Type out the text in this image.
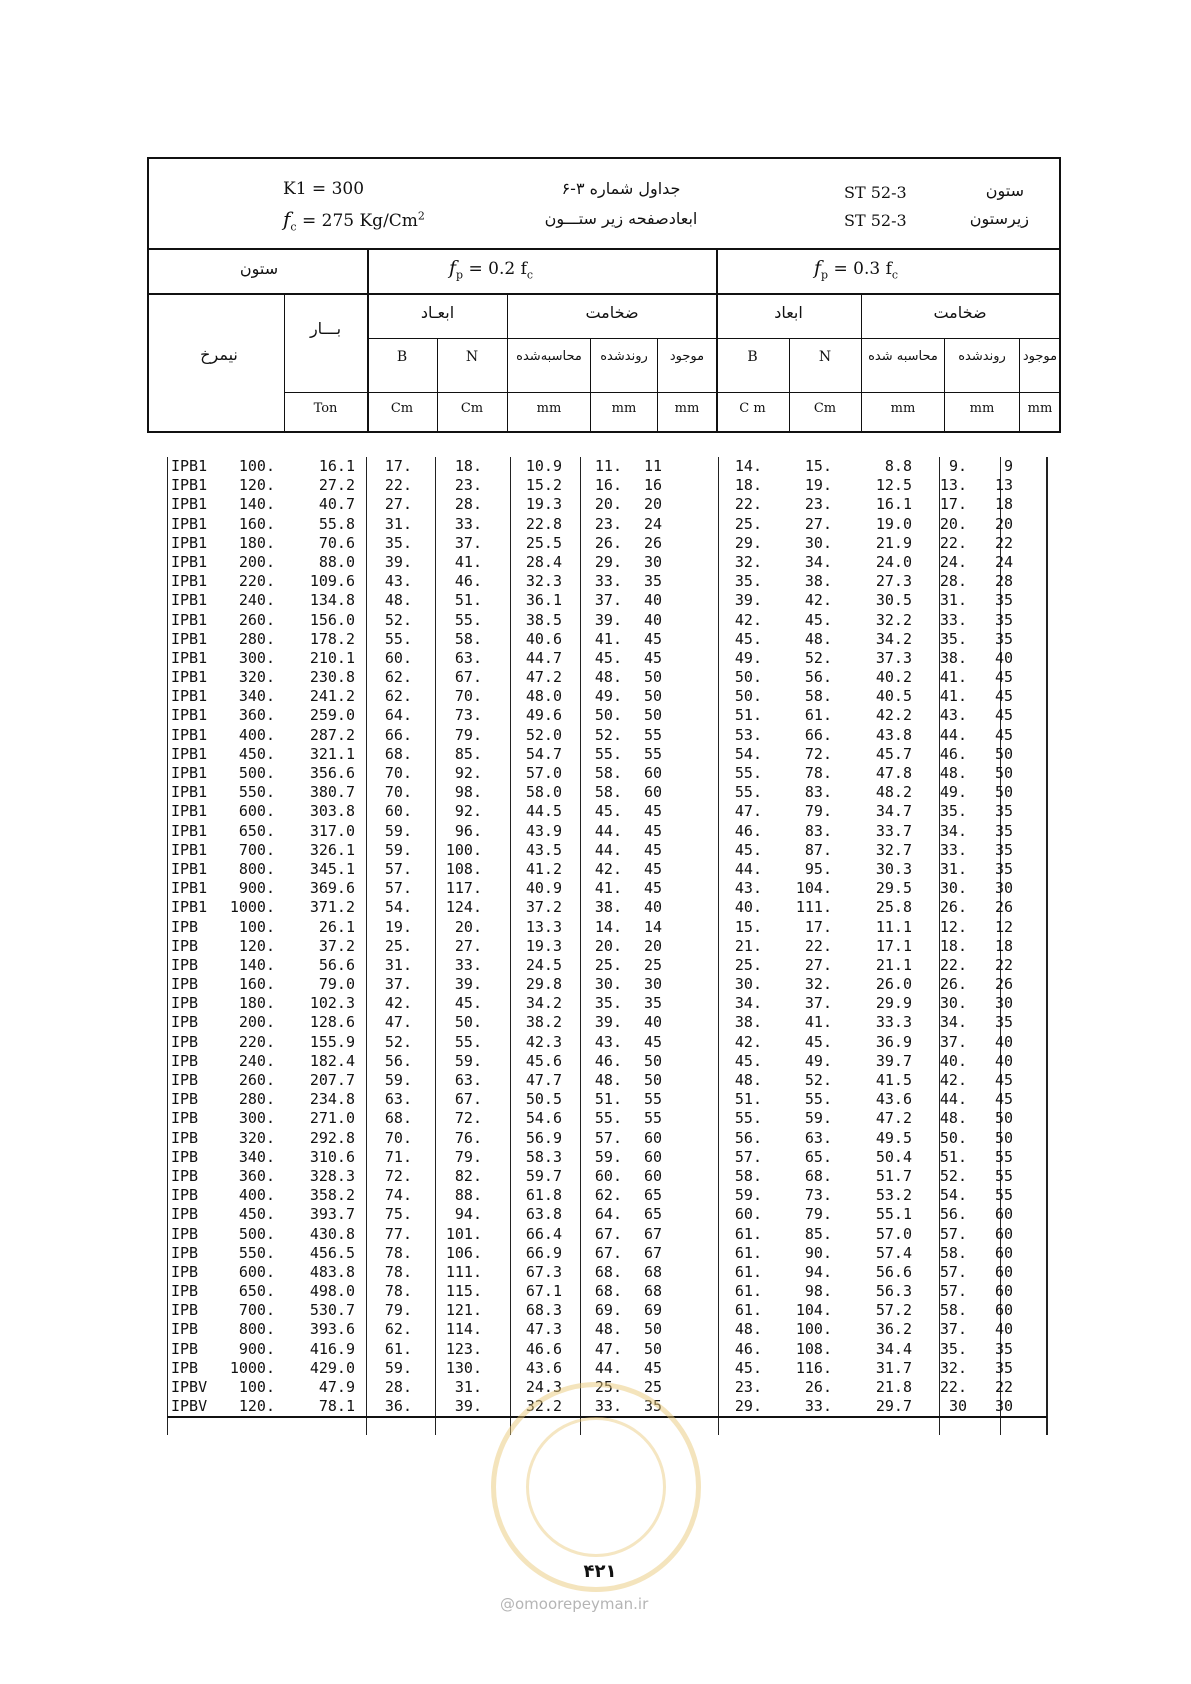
K1 = 300
$f_c = 275$ Kg/Cm$^2$
جداول شماره ۳-۶
ابعادصفحه زیر ستـــون
ST 52-3
ST 52-3
ستون
زیرستون
ستون	$f_p = 0.2$ $f_c$	$f_p = 0.3$ $f_c$
نیمرخ
بـــار
ابعـاد	ضخامت
B	N	محاسبه‌شده	روندشده	موجود
ابعاد	ضخامت
B	N	محاسبه شده	روندشده	موجود
Ton	Cm	Cm	mm	mm	mm	C m	Cm	mm	mm	mm
IPB1	100.	16.1	17.	18.	10.9	11.	11	14.	15.	8.8	9.	9
IPB1	120.	27.2	22.	23.	15.2	16.	16	18.	19.	12.5	13.	13
IPB1	140.	40.7	27.	28.	19.3	20.	20	22.	23.	16.1	17.	18
IPB1	160.	55.8	31.	33.	22.8	23.	24	25.	27.	19.0	20.	20
IPB1	180.	70.6	35.	37.	25.5	26.	26	29.	30.	21.9	22.	22
IPB1	200.	88.0	39.	41.	28.4	29.	30	32.	34.	24.0	24.	24
IPB1	220.	109.6	43.	46.	32.3	33.	35	35.	38.	27.3	28.	28
IPB1	240.	134.8	48.	51.	36.1	37.	40	39.	42.	30.5	31.	35
IPB1	260.	156.0	52.	55.	38.5	39.	40	42.	45.	32.2	33.	35
IPB1	280.	178.2	55.	58.	40.6	41.	45	45.	48.	34.2	35.	35
IPB1	300.	210.1	60.	63.	44.7	45.	45	49.	52.	37.3	38.	40
IPB1	320.	230.8	62.	67.	47.2	48.	50	50.	56.	40.2	41.	45
IPB1	340.	241.2	62.	70.	48.0	49.	50	50.	58.	40.5	41.	45
IPB1	360.	259.0	64.	73.	49.6	50.	50	51.	61.	42.2	43.	45
IPB1	400.	287.2	66.	79.	52.0	52.	55	53.	66.	43.8	44.	45
IPB1	450.	321.1	68.	85.	54.7	55.	55	54.	72.	45.7	46.	50
IPB1	500.	356.6	70.	92.	57.0	58.	60	55.	78.	47.8	48.	50
IPB1	550.	380.7	70.	98.	58.0	58.	60	55.	83.	48.2	49.	50
IPB1	600.	303.8	60.	92.	44.5	45.	45	47.	79.	34.7	35.	35
IPB1	650.	317.0	59.	96.	43.9	44.	45	46.	83.	33.7	34.	35
IPB1	700.	326.1	59.	100.	43.5	44.	45	45.	87.	32.7	33.	35
IPB1	800.	345.1	57.	108.	41.2	42.	45	44.	95.	30.3	31.	35
IPB1	900.	369.6	57.	117.	40.9	41.	45	43.	104.	29.5	30.	30
IPB1	1000.	371.2	54.	124.	37.2	38.	40	40.	111.	25.8	26.	26
IPB	100.	26.1	19.	20.	13.3	14.	14	15.	17.	11.1	12.	12
IPB	120.	37.2	25.	27.	19.3	20.	20	21.	22.	17.1	18.	18
IPB	140.	56.6	31.	33.	24.5	25.	25	25.	27.	21.1	22.	22
IPB	160.	79.0	37.	39.	29.8	30.	30	30.	32.	26.0	26.	26
IPB	180.	102.3	42.	45.	34.2	35.	35	34.	37.	29.9	30.	30
IPB	200.	128.6	47.	50.	38.2	39.	40	38.	41.	33.3	34.	35
IPB	220.	155.9	52.	55.	42.3	43.	45	42.	45.	36.9	37.	40
IPB	240.	182.4	56.	59.	45.6	46.	50	45.	49.	39.7	40.	40
IPB	260.	207.7	59.	63.	47.7	48.	50	48.	52.	41.5	42.	45
IPB	280.	234.8	63.	67.	50.5	51.	55	51.	55.	43.6	44.	45
IPB	300.	271.0	68.	72.	54.6	55.	55	55.	59.	47.2	48.	50
IPB	320.	292.8	70.	76.	56.9	57.	60	56.	63.	49.5	50.	50
IPB	340.	310.6	71.	79.	58.3	59.	60	57.	65.	50.4	51.	55
IPB	360.	328.3	72.	82.	59.7	60.	60	58.	68.	51.7	52.	55
IPB	400.	358.2	74.	88.	61.8	62.	65	59.	73.	53.2	54.	55
IPB	450.	393.7	75.	94.	63.8	64.	65	60.	79.	55.1	56.	60
IPB	500.	430.8	77.	101.	66.4	67.	67	61.	85.	57.0	57.	60
IPB	550.	456.5	78.	106.	66.9	67.	67	61.	90.	57.4	58.	60
IPB	600.	483.8	78.	111.	67.3	68.	68	61.	94.	56.6	57.	60
IPB	650.	498.0	78.	115.	67.1	68.	68	61.	98.	56.3	57.	60
IPB	700.	530.7	79.	121.	68.3	69.	69	61.	104.	57.2	58.	60
IPB	800.	393.6	62.	114.	47.3	48.	50	48.	100.	36.2	37.	40
IPB	900.	416.9	61.	123.	46.6	47.	50	46.	108.	34.4	35.	35
IPB	1000.	429.0	59.	130.	43.6	44.	45	45.	116.	31.7	32.	35
IPBV	100.	47.9	28.	31.	24.3	25.	25	23.	26.	21.8	22.	22
IPBV	120.	78.1	36.	39.	32.2	33.	35	29.	33.	29.7	30	30
۴۲۱
@omoorepeyman.ir
